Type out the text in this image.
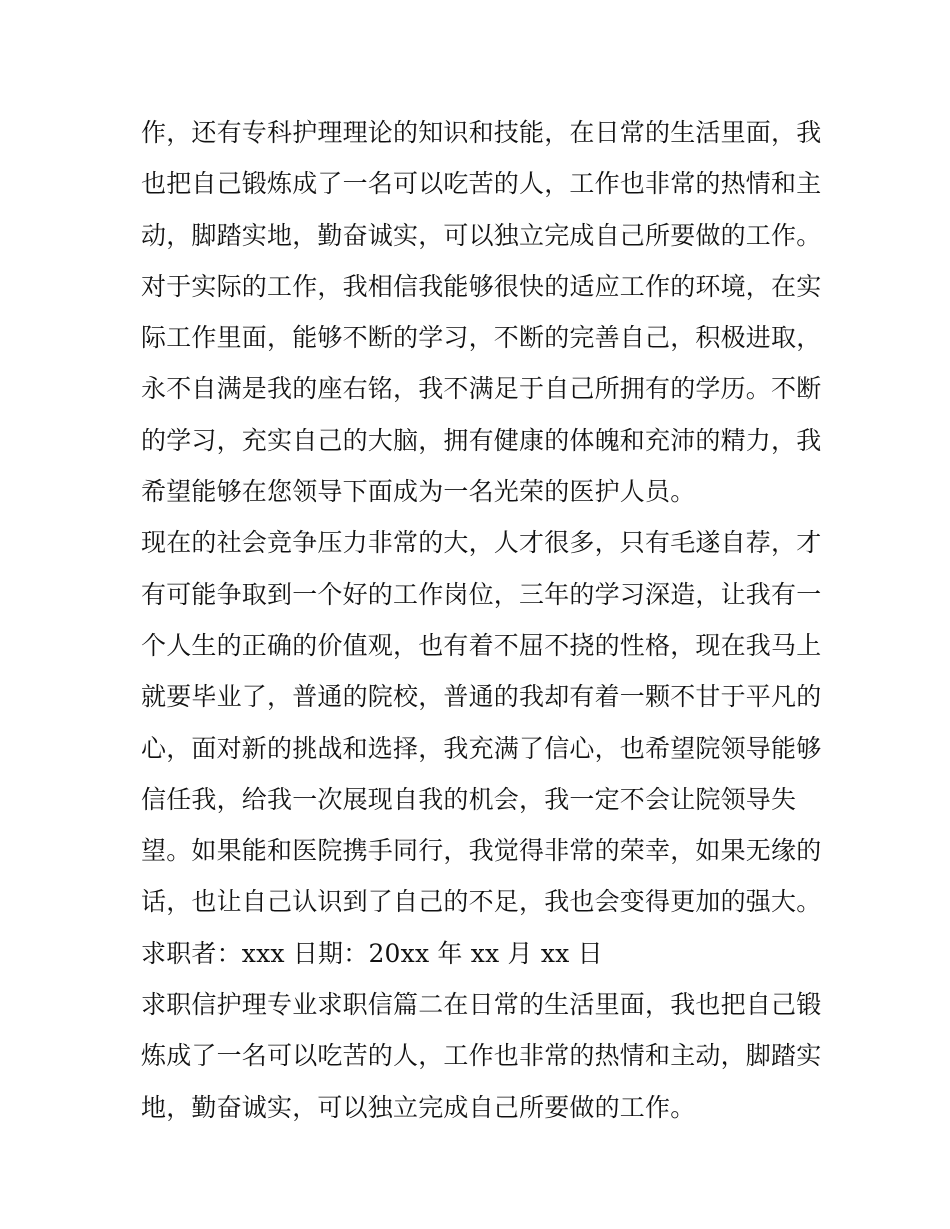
作，还有专科护理理论的知识和技能，在日常的生活里面，我
也把自己锻炼成了一名可以吃苦的人，工作也非常的热情和主
动，脚踏实地，勤奋诚实，可以独立完成自己所要做的工作。
对于实际的工作，我相信我能够很快的适应工作的环境，在实
际工作里面，能够不断的学习，不断的完善自己，积极进取，
永不自满是我的座右铭，我不满足于自己所拥有的学历。不断
的学习，充实自己的大脑，拥有健康的体魄和充沛的精力，我
希望能够在您领导下面成为一名光荣的医护人员。
现在的社会竞争压力非常的大，人才很多，只有毛遂自荐，才
有可能争取到一个好的工作岗位，三年的学习深造，让我有一
个人生的正确的价值观，也有着不屈不挠的性格，现在我马上
就要毕业了，普通的院校，普通的我却有着一颗不甘于平凡的
心，面对新的挑战和选择，我充满了信心，也希望院领导能够
信任我，给我一次展现自我的机会，我一定不会让院领导失
望。如果能和医院携手同行，我觉得非常的荣幸，如果无缘的
话，也让自己认识到了自己的不足，我也会变得更加的强大。
求职者：xxx 日期：20xx 年 xx 月 xx 日
求职信护理专业求职信篇二在日常的生活里面，我也把自己锻
炼成了一名可以吃苦的人，工作也非常的热情和主动，脚踏实
地，勤奋诚实，可以独立完成自己所要做的工作。
